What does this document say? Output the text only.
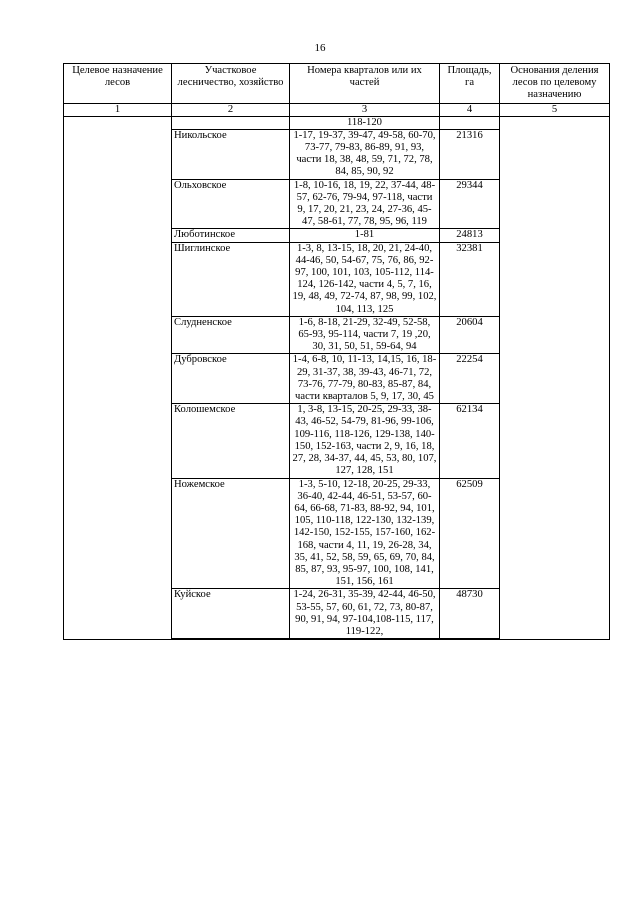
16
Целевое назначение лесов	Участковое лесничество, хозяйство	Номера кварталов или их частей	Площадь, га	Основания деления лесов по целевому назначению
1	2	3	4	5
		118-120		
	Никольское	1-17, 19-37, 39-47, 49-58, 60-70, 73-77, 79-83, 86-89, 91, 93, части 18, 38, 48, 59, 71, 72, 78, 84, 85, 90, 92	21316	
	Ольховское	1-8, 10-16, 18, 19, 22, 37-44, 48-57, 62-76, 79-94, 97-118, части 9, 17, 20, 21, 23, 24, 27-36, 45-47, 58-61, 77, 78, 95, 96, 119	29344	
	Люботинское	1-81	24813	
	Шиглинское	1-3, 8, 13-15, 18, 20, 21, 24-40, 44-46, 50, 54-67, 75, 76, 86, 92-97, 100, 101, 103, 105-112, 114-124, 126-142, части 4, 5, 7, 16, 19, 48, 49, 72-74, 87, 98, 99, 102, 104, 113, 125	32381	
	Слудненское	1-6, 8-18, 21-29, 32-49, 52-58, 65-93, 95-114, части 7, 19 ,20, 30, 31, 50, 51, 59-64, 94	20604	
	Дубровское	1-4, 6-8, 10, 11-13, 14,15, 16, 18-29, 31-37, 38, 39-43, 46-71, 72, 73-76, 77-79, 80-83, 85-87, 84, части кварталов 5, 9, 17, 30, 45	22254	
	Колошемское	1, 3-8, 13-15, 20-25, 29-33, 38-43, 46-52, 54-79, 81-96, 99-106, 109-116, 118-126, 129-138, 140-150, 152-163, части 2, 9, 16, 18, 27, 28, 34-37, 44, 45, 53, 80, 107, 127, 128, 151	62134	
	Ножемское	1-3, 5-10, 12-18, 20-25, 29-33, 36-40, 42-44, 46-51, 53-57, 60-64, 66-68, 71-83, 88-92, 94, 101, 105, 110-118, 122-130, 132-139, 142-150, 152-155, 157-160, 162-168, части 4, 11, 19, 26-28, 34, 35, 41, 52, 58, 59, 65, 69, 70, 84, 85, 87, 93, 95-97, 100, 108, 141, 151, 156, 161	62509	
	Куйское	1-24, 26-31, 35-39, 42-44, 46-50, 53-55, 57, 60, 61, 72, 73, 80-87, 90, 91, 94, 97-104,108-115, 117, 119-122,	48730	
